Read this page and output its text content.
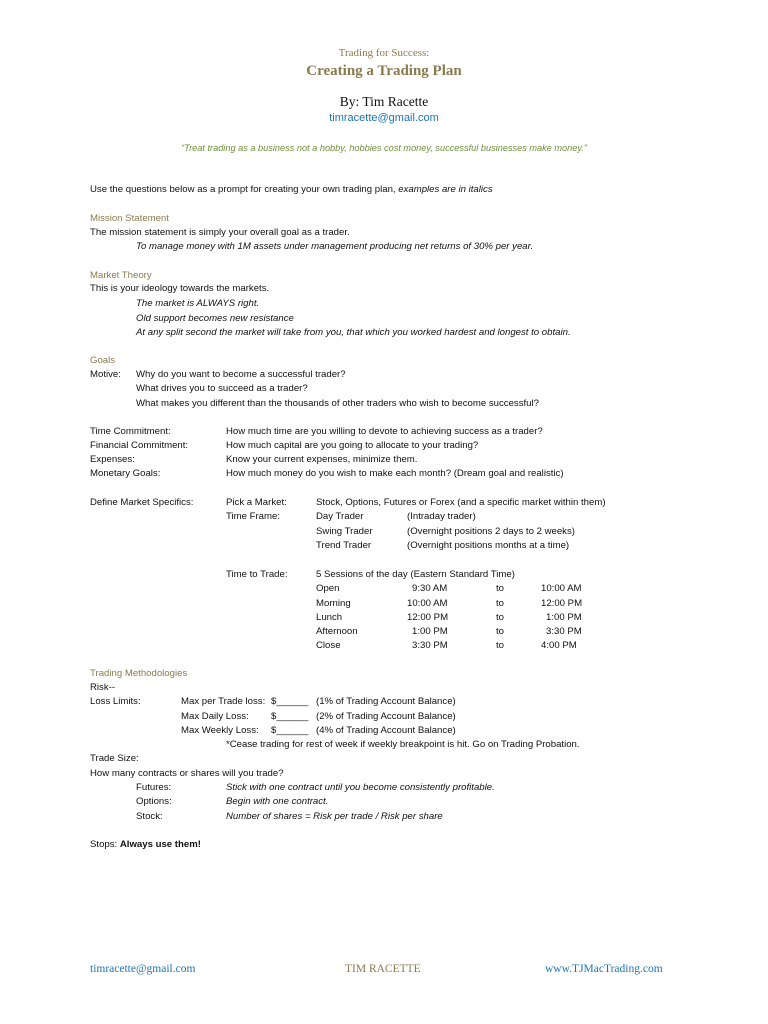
Trading for Success:
Creating a Trading Plan
By: Tim Racette
timracette@gmail.com
“Treat trading as a business not a hobby, hobbies cost money, successful businesses make money.”
Use the questions below as a prompt for creating your own trading plan, examples are in italics
Mission Statement
The mission statement is simply your overall goal as a trader.
To manage money with 1M assets under management producing net returns of 30% per year.
Market Theory
This is your ideology towards the markets.
The market is ALWAYS right.
Old support becomes new resistance
At any split second the market will take from you, that which you worked hardest and longest to obtain.
Goals
Motive: Why do you want to become a successful trader?
What drives you to succeed as a trader?
What makes you different than the thousands of other traders who wish to become successful?
Time Commitment:	How much time are you willing to devote to achieving success as a trader?
Financial Commitment:	How much capital are you going to allocate to your trading?
Expenses:	Know your current expenses, minimize them.
Monetary Goals:	How much money do you wish to make each month? (Dream goal and realistic)
Define Market Specifics:	Pick a Market:	Stock, Options, Futures or Forex (and a specific market within them)
Time Frame:	Day Trader	(Intraday trader)
Swing Trader	(Overnight positions 2 days to 2 weeks)
Trend Trader	(Overnight positions months at a time)
Time to Trade:	5 Sessions of the day (Eastern Standard Time)
Open	9:30 AM	to	10:00 AM
Morning	10:00 AM	to	12:00 PM
Lunch	12:00 PM	to	1:00 PM
Afternoon	1:00 PM	to	3:30 PM
Close	3:30 PM	to	4:00 PM
Trading Methodologies
Risk--
Loss Limits:	Max per Trade loss: $______ (1% of Trading Account Balance)
Max Daily Loss: $______ (2% of Trading Account Balance)
Max Weekly Loss: $______ (4% of Trading Account Balance)
*Cease trading for rest of week if weekly breakpoint is hit. Go on Trading Probation.
Trade Size:
How many contracts or shares will you trade?
Futures:	Stick with one contract until you become consistently profitable.
Options:	Begin with one contract.
Stock:	Number of shares = Risk per trade / Risk per share
Stops: Always use them!
timracette@gmail.com	TIM RACETTE	www.TJMacTrading.com
